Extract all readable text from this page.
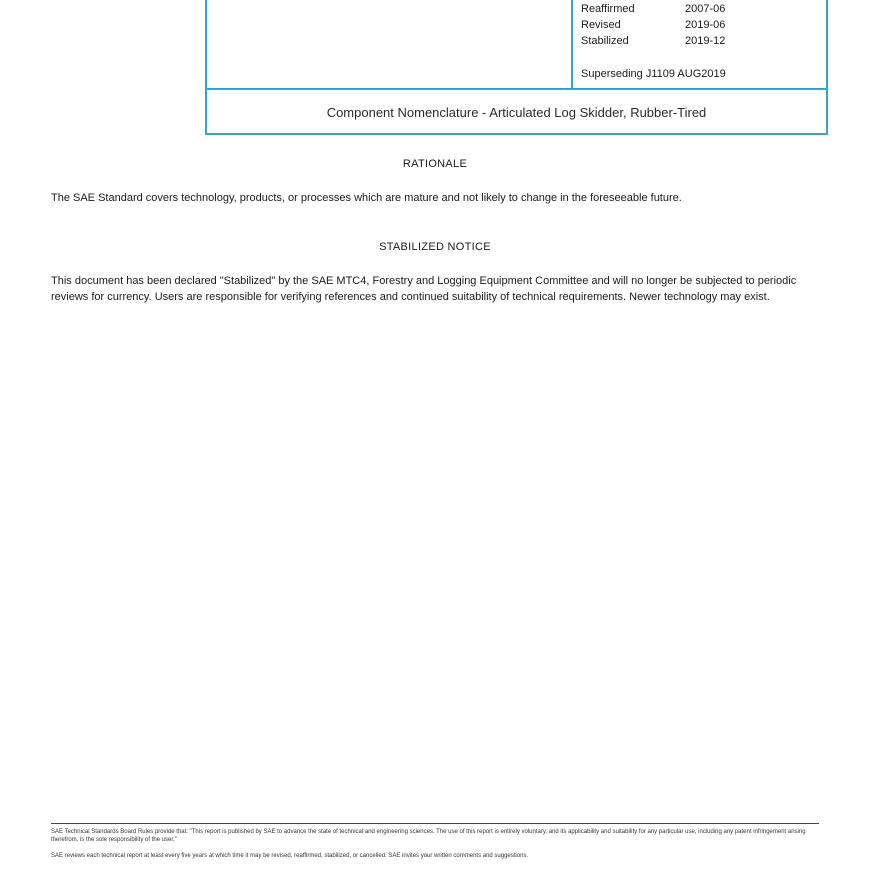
Reaffirmed	2007-06
Revised	2019-06
Stabilized	2019-12
Superseding J1109 AUG2019
Component Nomenclature - Articulated Log Skidder, Rubber-Tired
RATIONALE
The SAE Standard covers technology, products, or processes which are mature and not likely to change in the foreseeable future.
STABILIZED NOTICE
This document has been declared "Stabilized" by the SAE MTC4, Forestry and Logging Equipment Committee and will no longer be subjected to periodic reviews for currency. Users are responsible for verifying references and continued suitability of technical requirements. Newer technology may exist.
SAE Technical Standards Board Rules provide that: "This report is published by SAE to advance the state of technical and engineering sciences. The use of this report is entirely voluntary, and its applicability and suitability for any particular use, including any patent infringement arising therefrom, is the sole responsibility of the user."
SAE reviews each technical report at least every five years at which time it may be revised, reaffirmed, stabilized, or cancelled. SAE invites your written comments and suggestions.
